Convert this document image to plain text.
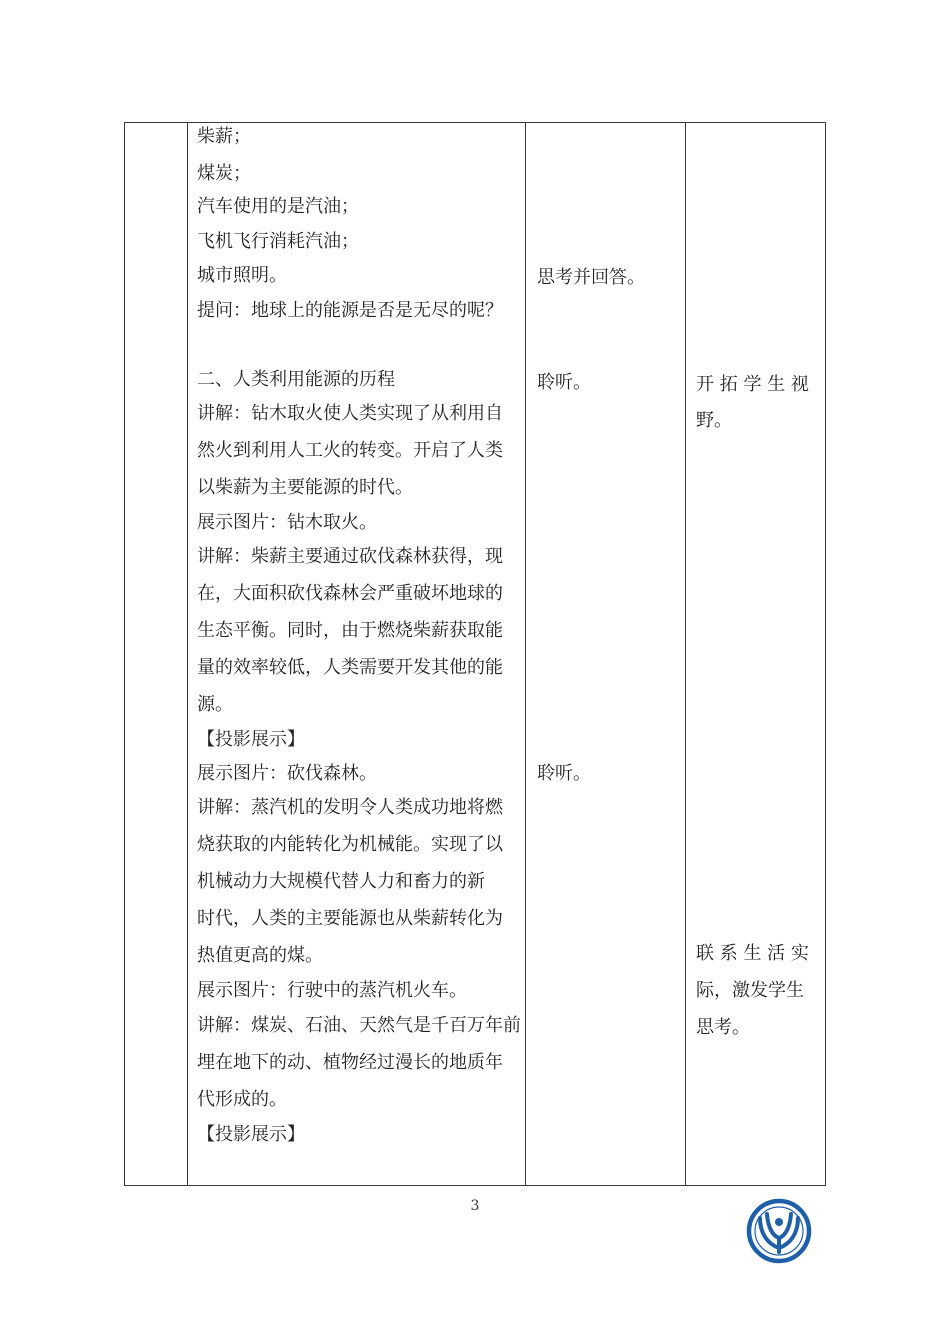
柴薪；
煤炭；
汽车使用的是汽油；
飞机飞行消耗汽油；
城市照明。
提问：地球上的能源是否是无尽的呢？
二、人类利用能源的历程
讲解：钻木取火使人类实现了从利用自
然火到利用人工火的转变。开启了人类
以柴薪为主要能源的时代。
展示图片：钻木取火。
讲解：柴薪主要通过砍伐森林获得，现
在，大面积砍伐森林会严重破坏地球的
生态平衡。同时，由于燃烧柴薪获取能
量的效率较低，人类需要开发其他的能
源。
【投影展示】
展示图片：砍伐森林。
讲解：蒸汽机的发明令人类成功地将燃
烧获取的内能转化为机械能。实现了以
机械动力大规模代替人力和畜力的新
时代，人类的主要能源也从柴薪转化为
热值更高的煤。
展示图片：行驶中的蒸汽机火车。
讲解：煤炭、石油、天然气是千百万年前
埋在地下的动、植物经过漫长的地质年
代形成的。
【投影展示】
思考并回答。
聆听。
聆听。
开 拓 学 生 视
野。
联 系 生 活 实
际，激发学生
思考。
3
